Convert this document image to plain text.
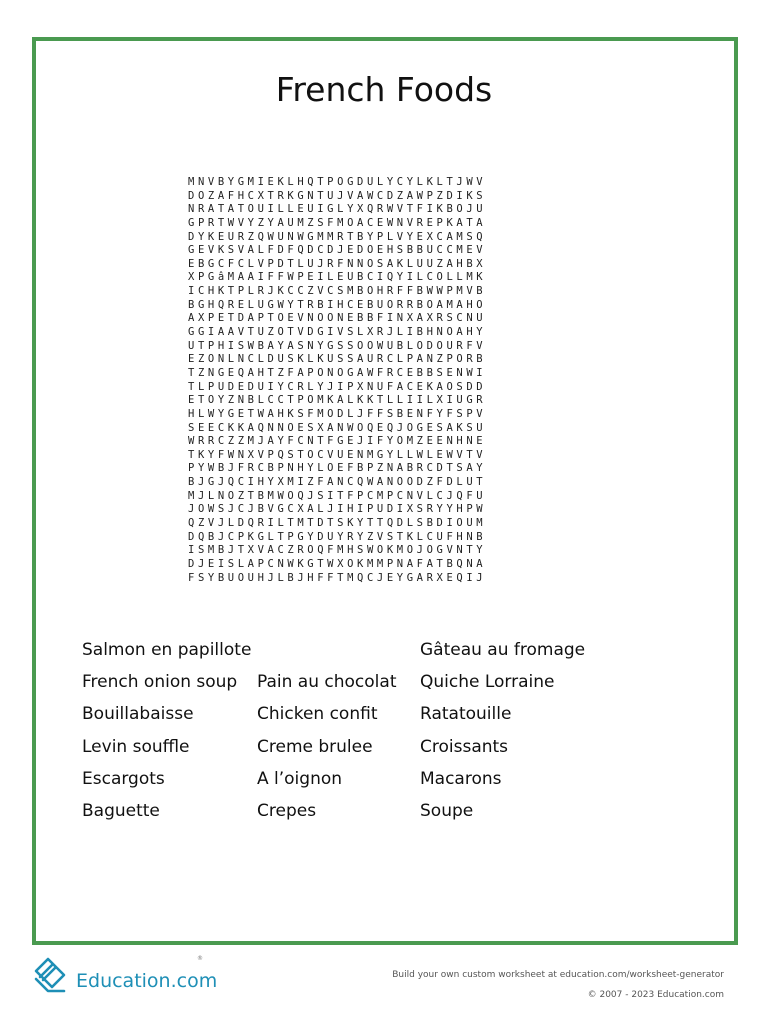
French Foods
MNVBYGMIEKLHQTPOGDULYCYLKLTJWV
DOZAFHCXTRKGNTUJVAWCDZAWPZDIKS
NRATATOUILLEUIGLYXQRWVTFIKBOJU
GPRTWVYZYAUMZSFMOACEWNVREPKATA
DYKEURZQWUNWGMMRTBYPLVYEXCAMSQ
GEVKSVALFDFQDCDJEDOEHSBBUCCMEV
EBGCFCLVPDTLUJRFNNOSAKLUUZAHBX
XPGâMAAIFFWPEILEUBCIQYILCOLLMK
ICHKTPLRJKCCZVCSMBOHRFFBWWPMVB
BGHQRELUGWYTRBIHCEBUORRBOAMAHO
AXPETDAPTOEVNOONEBBFINXAXRSCNU
GGIAAVTUZOTVDGIVSLXRJLIBHNOAHY
UTPHISWBAYASNYGSSOOWUBLODOURFV
EZONLNCLDUSKLKUSSAURCLPANZPORB
TZNGEQAHTZFAPONOGAWFRCEBBSENWI
TLPUDEDUIYCRLYJIPXNUFACEKAOSDD
ETOYZNBLCCTPOMKALKKTLLIILXIUGR
HLWYGETWAHKSFMODLJFFSBENFYFSPV
SEECKKAQNNOESXANWOQEQJOGESAKSU
WRRCZZMJAYFCNTFGEJIFYOMZEENHNE
TKYFWNXVPQSTOCVUENMGYLLWLEWVTV
PYWBJFRCBPNHYLOEFBPZNABRCDTSAY
BJGJQCIHYXMIZFANCQWANOODZFDLUT
MJLNOZTBMWOQJSITFPCMPCNVLCJQFU
JOWSJCJBVGCXALJIHIPUDIXSRYYHPW
QZVJLDQRILTMTDTSKYTTQDLSBDIOUM
DQBJCPKGLTPGYDUYRYZVSTKLCUFHNB
ISMBJTXVACZROQFMHSWOKMOJOGVNTY
DJEISLAPCNWKGTWXOKMMPNAFATBQNA
FSYBUOUHJLBJHFFTMQCJEYGARXEQIJ
Salmon en papillote
French onion soup
Bouillabaisse
Levin souffle
Escargots
Baguette
Pain au chocolat
Chicken confit
Creme brulee
A l’oignon
Crepes
Gâteau au fromage
Quiche Lorraine
Ratatouille
Croissants
Macarons
Soupe
Education.com
®
Build your own custom worksheet at education.com/worksheet-generator
© 2007 - 2023 Education.com
